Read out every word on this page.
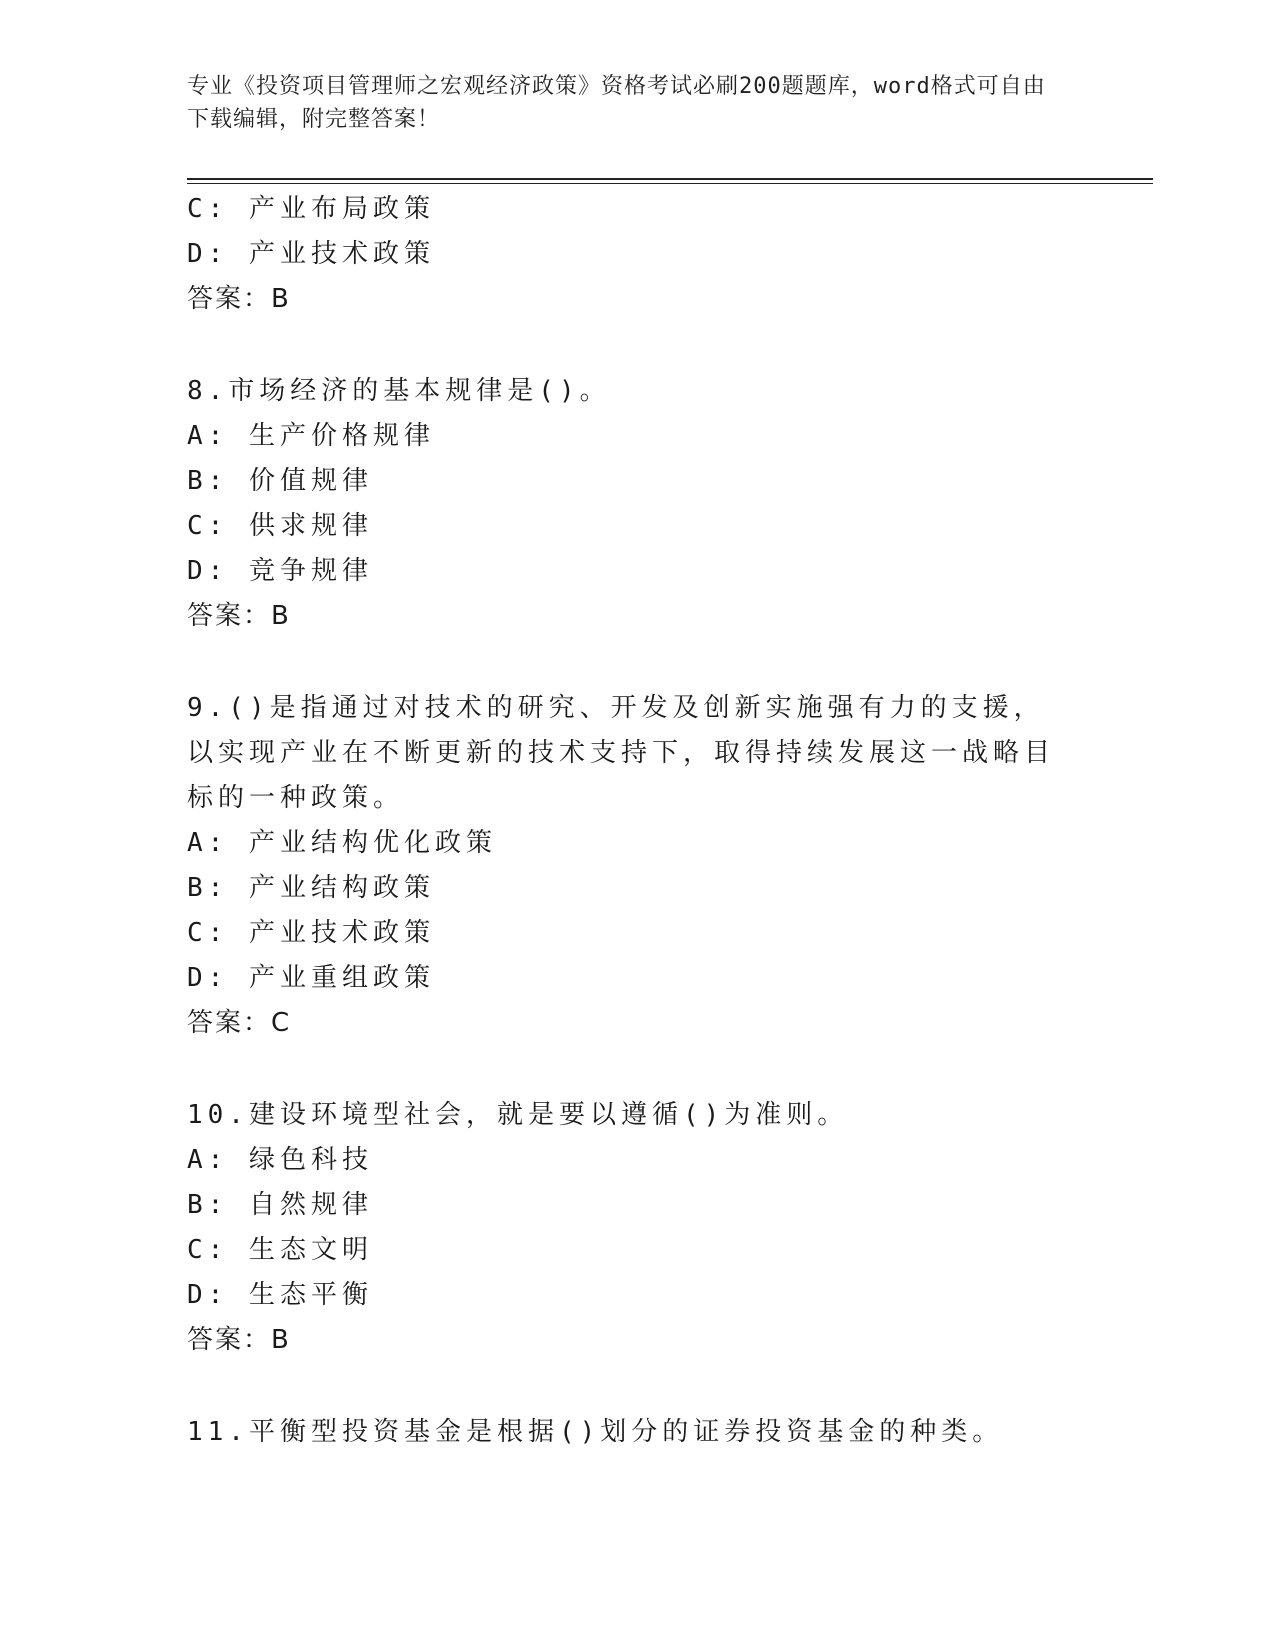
专业《投资项目管理师之宏观经济政策》资格考试必刷200题题库，word格式可自由下载编辑，附完整答案！
C: 产业布局政策
D: 产业技术政策
答案：B
8.市场经济的基本规律是()。
A: 生产价格规律
B: 价值规律
C: 供求规律
D: 竞争规律
答案：B
9.()是指通过对技术的研究、开发及创新实施强有力的支援，以实现产业在不断更新的技术支持下，取得持续发展这一战略目标的一种政策。
A: 产业结构优化政策
B: 产业结构政策
C: 产业技术政策
D: 产业重组政策
答案：C
10.建设环境型社会，就是要以遵循()为准则。
A: 绿色科技
B: 自然规律
C: 生态文明
D: 生态平衡
答案：B
11.平衡型投资基金是根据()划分的证券投资基金的种类。
